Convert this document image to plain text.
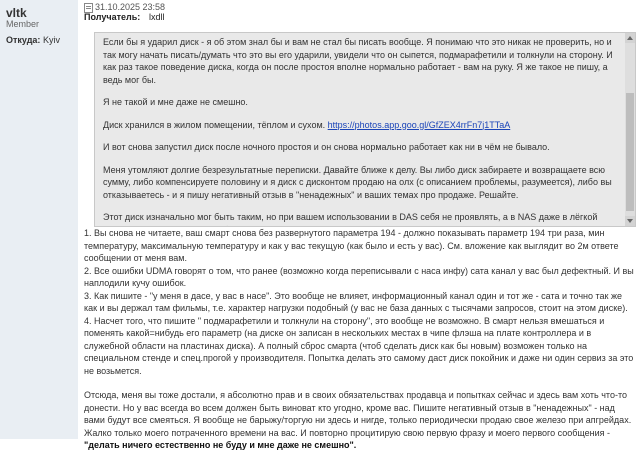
vltk
Member
Откуда: Kyiv
31.10.2025 23:58
Получатель: lxdll

Если бы я ударил диск - я об этом знал бы и вам не стал бы писать вообще. Я понимаю что это никак не проверить, но и так могу начать писать/думать что это вы его ударили, увидели что он сыпется, подмарафетили и толкнули на сторону. И как раз такое поведение диска, когда он после простоя вполне нормально работает - вам на руку. Я же такое не пишу, а ведь мог бы.

Я не такой и мне даже не смешно.

Диск хранился в жилом помещении, тёплом и сухом. https://photos.app.goo.gl/GfZEX4rrFn7j1TTaA

И вот снова запустил диск после ночного простоя и он снова нормально работает как ни в чём не бывало.

Меня утомляют долгие безрезультатные переписки. Давайте ближе к делу. Вы либо диск забираете и возвращаете всю сумму, либо компенсируете половину и я диск с дисконтом продаю на олх (с описанием проблемы, разумеется), либо вы отказываетесь - и я пишу негативный отзыв в "ненадежных" и ваших темах про продаже. Решайте.

Этот диск изначально мог быть таким, но при вашем использовании в DAS себя не проявлять, а в NAS даже в лёгкой

1. Вы снова не читаете, ваш смарт снова без развернутого параметра 194 - должно показывать параметр 194 три раза, мин температуру, максимальную температуру и как у вас текущую (как было и есть у вас). См. вложение как выглядит во 2м ответе сообщении от меня вам.

2. Все ошибки UDMA говорят о том, что ранее (возможно когда переписывали с наса инфу) сата канал у вас был дефектный. И вы наплодили кучу ошибок.

3. Как пишите - "у меня в дасе, у вас в насе". Это вообще не влияет, информационный канал один и тот же - сата и точно так же как и вы держал там фильмы, т.е. характер нагрузки подобный (у вас не база данных с тысячами запросов, стоит на этом диске).

4. Насчет того, что пишите " подмарафетили и толкнули на сторону", это вообще не возможно. В смарт нельзя вмешаться и поменять какой=нибудь его параметр (на диске он записан в нескольких местах в чипе флэша на плате контроллера и в служебной области на пластинах диска). А полный сброс смарта (чтоб сделать диск как бы новым) возможен только на специальном стенде и спец.прогой у производителя. Попытка делать это самому даст диск покойник и даже ни один сервиз за это не возьмется.

Отсюда, меня вы тоже достали, я абсолютно прав и в своих обязательствах продавца и попытках сейчас и здесь вам хоть что-то донести. Но у вас всегда во всем должен быть виноват кто угодно, кроме вас. Пишите негативный отзыв в "ненадежных" - над вами будут все смеяться. Я вообще не барыжу/торгую ни здесь и нигде, только периодически продаю свое железо при апгрейдах. Жалко только моего потраченного времени на вас. И повторно процитирую свою первую фразу и моего первого сообщения -
"делать ничего естественно не буду и мне даже не смешно".
